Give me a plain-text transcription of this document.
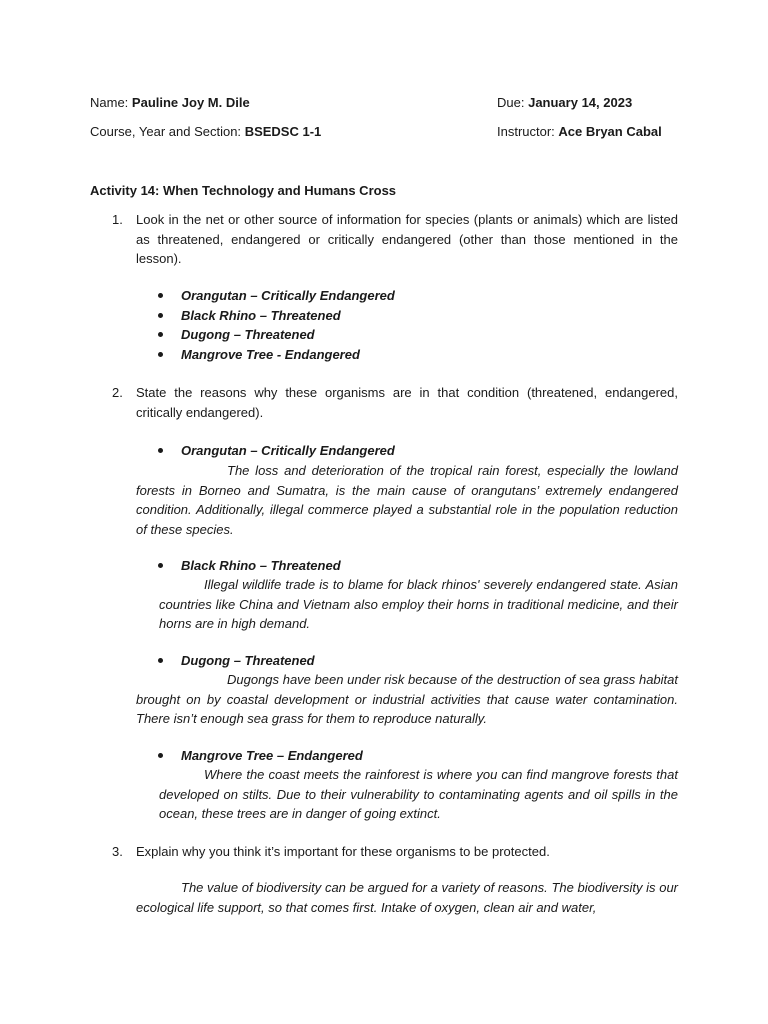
Name: Pauline Joy M. Dile	Due: January 14, 2023
Course, Year and Section: BSEDSC 1-1	Instructor: Ace Bryan Cabal
Activity 14: When Technology and Humans Cross
1. Look in the net or other source of information for species (plants or animals) which are listed as threatened, endangered or critically endangered (other than those mentioned in the lesson).
Orangutan – Critically Endangered
Black Rhino – Threatened
Dugong – Threatened
Mangrove Tree - Endangered
2. State the reasons why these organisms are in that condition (threatened, endangered, critically endangered).
Orangutan – Critically Endangered
The loss and deterioration of the tropical rain forest, especially the lowland forests in Borneo and Sumatra, is the main cause of orangutans’ extremely endangered condition. Additionally, illegal commerce played a substantial role in the population reduction of these species.
Black Rhino – Threatened
Illegal wildlife trade is to blame for black rhinos' severely endangered state. Asian countries like China and Vietnam also employ their horns in traditional medicine, and their horns are in high demand.
Dugong – Threatened
Dugongs have been under risk because of the destruction of sea grass habitat brought on by coastal development or industrial activities that cause water contamination. There isn’t enough sea grass for them to reproduce naturally.
Mangrove Tree – Endangered
Where the coast meets the rainforest is where you can find mangrove forests that developed on stilts. Due to their vulnerability to contaminating agents and oil spills in the ocean, these trees are in danger of going extinct.
3. Explain why you think it’s important for these organisms to be protected.
The value of biodiversity can be argued for a variety of reasons. The biodiversity is our ecological life support, so that comes first. Intake of oxygen, clean air and water,
